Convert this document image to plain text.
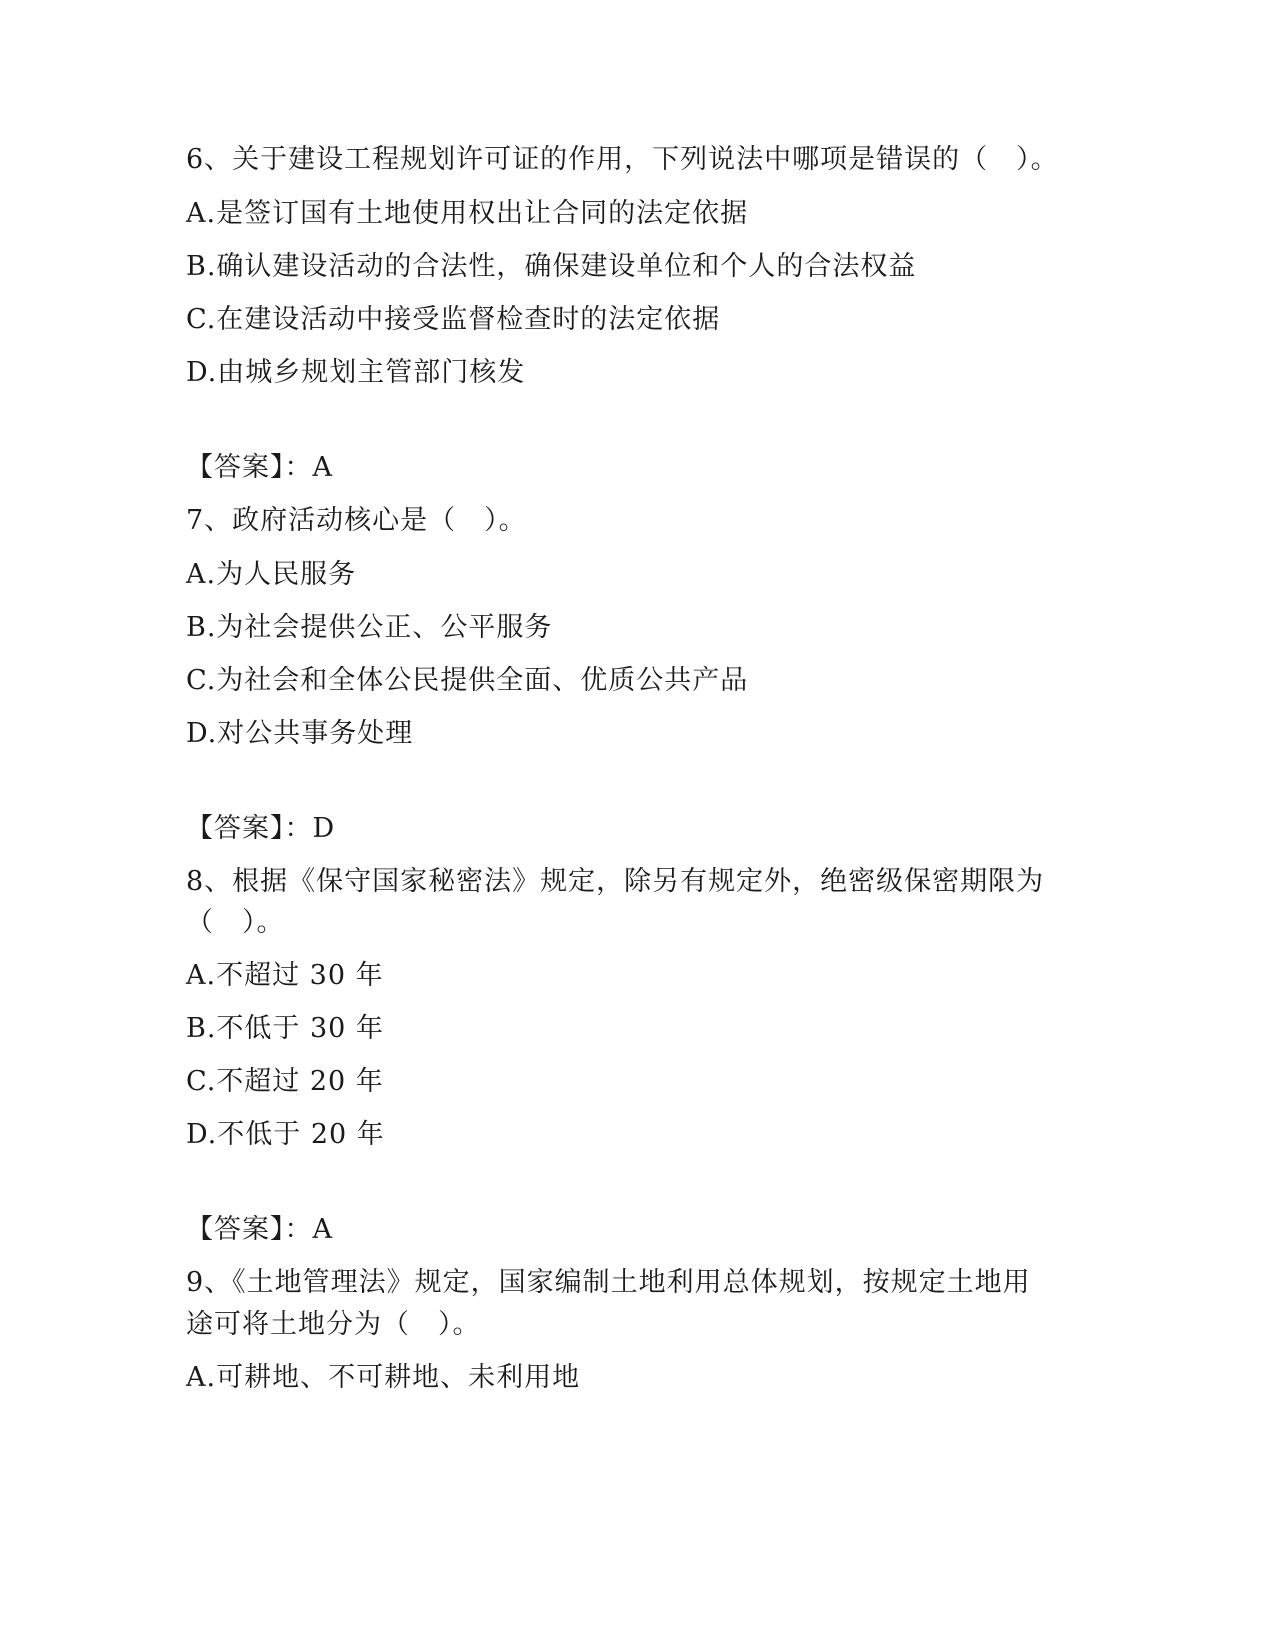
6、关于建设工程规划许可证的作用，下列说法中哪项是错误的（　）。
A.是签订国有土地使用权出让合同的法定依据
B.确认建设活动的合法性，确保建设单位和个人的合法权益
C.在建设活动中接受监督检查时的法定依据
D.由城乡规划主管部门核发
【答案】：A
7、政府活动核心是（　）。
A.为人民服务
B.为社会提供公正、公平服务
C.为社会和全体公民提供全面、优质公共产品
D.对公共事务处理
【答案】：D
8、根据《保守国家秘密法》规定，除另有规定外，绝密级保密期限为
（　）。
A.不超过 30 年
B.不低于 30 年
C.不超过 20 年
D.不低于 20 年
【答案】：A
9、《土地管理法》规定，国家编制土地利用总体规划，按规定土地用
途可将土地分为（　）。
A.可耕地、不可耕地、未利用地
